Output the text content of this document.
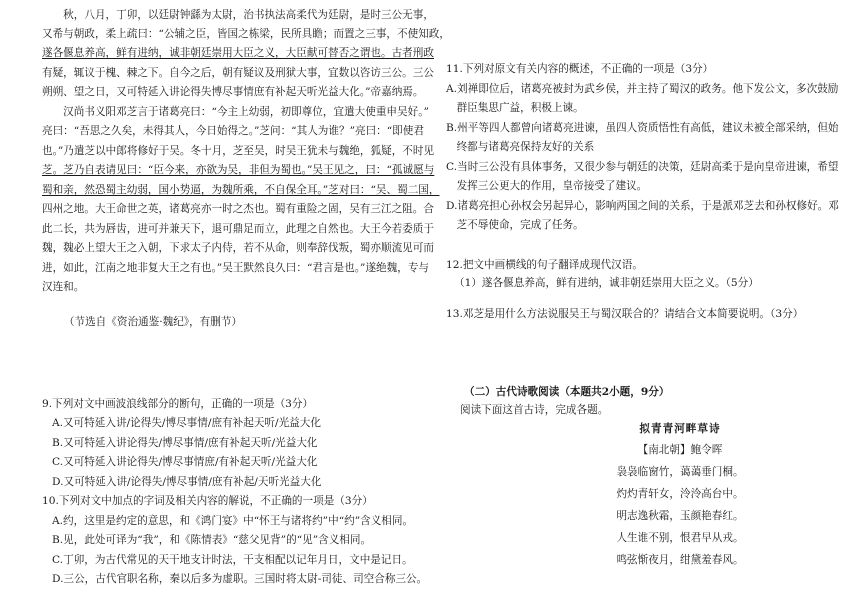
　　秋，八月，丁卯，以廷尉钟繇为太尉，治书执法高柔代为廷尉，是时三公无事，
又希与朝政，柔上疏曰：“公辅之臣，皆国之栋梁，民所具瞻；而置之三事，不使知政，
遂各偃息养高，鲜有进纳，诚非朝廷崇用大臣之义，大臣献可替否之谓也。古者刑政
有疑，辄议于槐、棘之下。自今之后，朝有疑议及刑狱大事，宜数以咨访三公。三公
朔朔、望之日，又可特延入讲论得失博尽事情庶有补起天听光益大化。”帝嘉纳焉。
　　汉尚书义阳邓芝言于诸葛亮曰：“今主上幼弱，初即尊位，宜遣大使重申吴好。”
亮曰：“吾思之久矣，未得其人，今日始得之。”芝问：“其人为谁？”亮曰：“即使君
也。”乃遣芝以中郎将修好于吴。冬十月，芝至吴，时吴王犹未与魏绝，狐疑，不时见
芝。芝乃自表请见曰：“臣今来，亦欲为吴，非但为蜀也。”吴王见之，曰：“孤诚愿与
蜀和亲，然恐蜀主幼弱，国小势逼，为魏所乘，不自保全耳。”芝对曰：“吴、蜀二国，
四州之地。大王命世之英，诸葛亮亦一时之杰也。蜀有重险之固，吴有三江之阻。合
此二长，共为唇齿，进可并兼天下，退可鼎足而立，此理之自然也。大王今若委质于
魏，魏必上望大王之入朝，下求太子内侍，若不从命，则奉辞伐叛，蜀亦顺流见可而
进，如此，江南之地非复大王之有也。”吴王默然良久曰：“君言是也。”遂绝魏，专与
汉连和。
　　（节选自《资治通鉴·魏纪》，有删节）
9.下列对文中画波浪线部分的断句，正确的一项是（3分）
A.又可特延入讲/论得失/博尽事情/庶有补起天听/光益大化
B.又可特延入讲论得失/博尽事情/庶有补起天听/光益大化
C.又可特延入讲论得失/博尽事情庶/有补起天听/光益大化
D.又可特延入讲/论得失/博尽事情/庶有补起/天听光益大化
10.下列对文中加点的字词及相关内容的解说，不正确的一项是（3分）
A.约，这里是约定的意思，和《鸿门宴》中“怀王与诸将约”中“约”含义相同。
B.见，此处可译为“我”，和《陈情表》“慈父见背”的“见”含义相同。
C.丁卯，为古代常见的天干地支计时法，干支相配以记年月日，文中是记日。
D.三公，古代官职名称，秦以后多为虚职。三国时将太尉-司徒、司空合称三公。
11.下列对原文有关内容的概述，不正确的一项是（3分）
A.刘禅即位后，诸葛亮被封为武乡侯，并主持了蜀汉的政务。他下发公文，多次鼓励
　群臣集思广益，积极上谏。
B.州平等四人都曾向诸葛亮进谏，虽四人资质悟性有高低，建议未被全部采纳，但始
　终都与诸葛亮保持友好的关系
C.当时三公没有具体事务，又很少参与朝廷的决策，廷尉高柔于是向皇帝进谏，希望
　发挥三公更大的作用，皇帝接受了建议。
D.诸葛亮担心孙权会另起异心，影响两国之间的关系，于是派邓芝去和孙权修好。邓
　芝不辱使命，完成了任务。
12.把文中画横线的句子翻译成现代汉语。
（1）遂各偃息养高，鲜有进纳，诚非朝廷崇用大臣之义。（5分）
13.邓芝是用什么方法说服吴王与蜀汉联合的？请结合文本简要说明。（3分）
（二）古代诗歌阅读（本题共2小题，9分）
阅读下面这首古诗，完成各题。
拟青青河畔草诗
【南北朝】鲍令晖
袅袅临窗竹，蔼蔼垂门桐。
灼灼青轩女，泠泠高台中。
明志逸秋霜，玉颜艳春红。
人生谁不别，恨君早从戎。
鸣弦惭夜月，绀黛羞春风。
